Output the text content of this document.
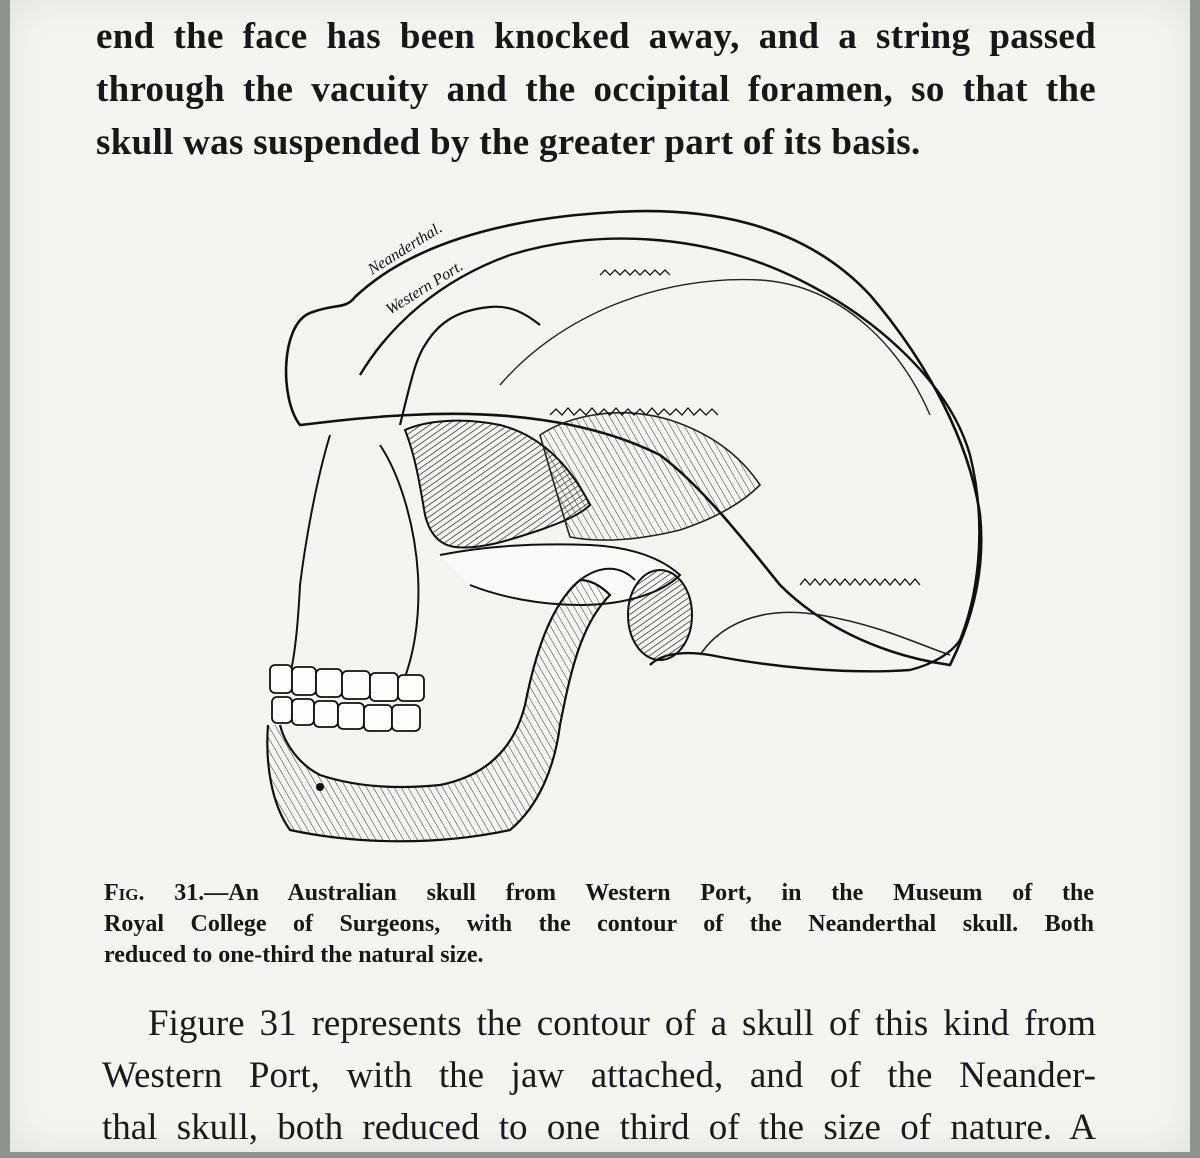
end the face has been knocked away, and a string passed
through the vacuity and the occipital foramen, so that the
skull was suspended by the greater part of its basis.
Neanderthal.
Western Port.
Fig. 31.—An Australian skull from Western Port, in the Museum of the
Royal College of Surgeons, with the contour of the Neanderthal skull. Both
reduced to one-third the natural size.
Figure 31 represents the contour of a skull of this kind from
Western Port, with the jaw attached, and of the Neander-
thal skull, both reduced to one third of the size of nature. A
